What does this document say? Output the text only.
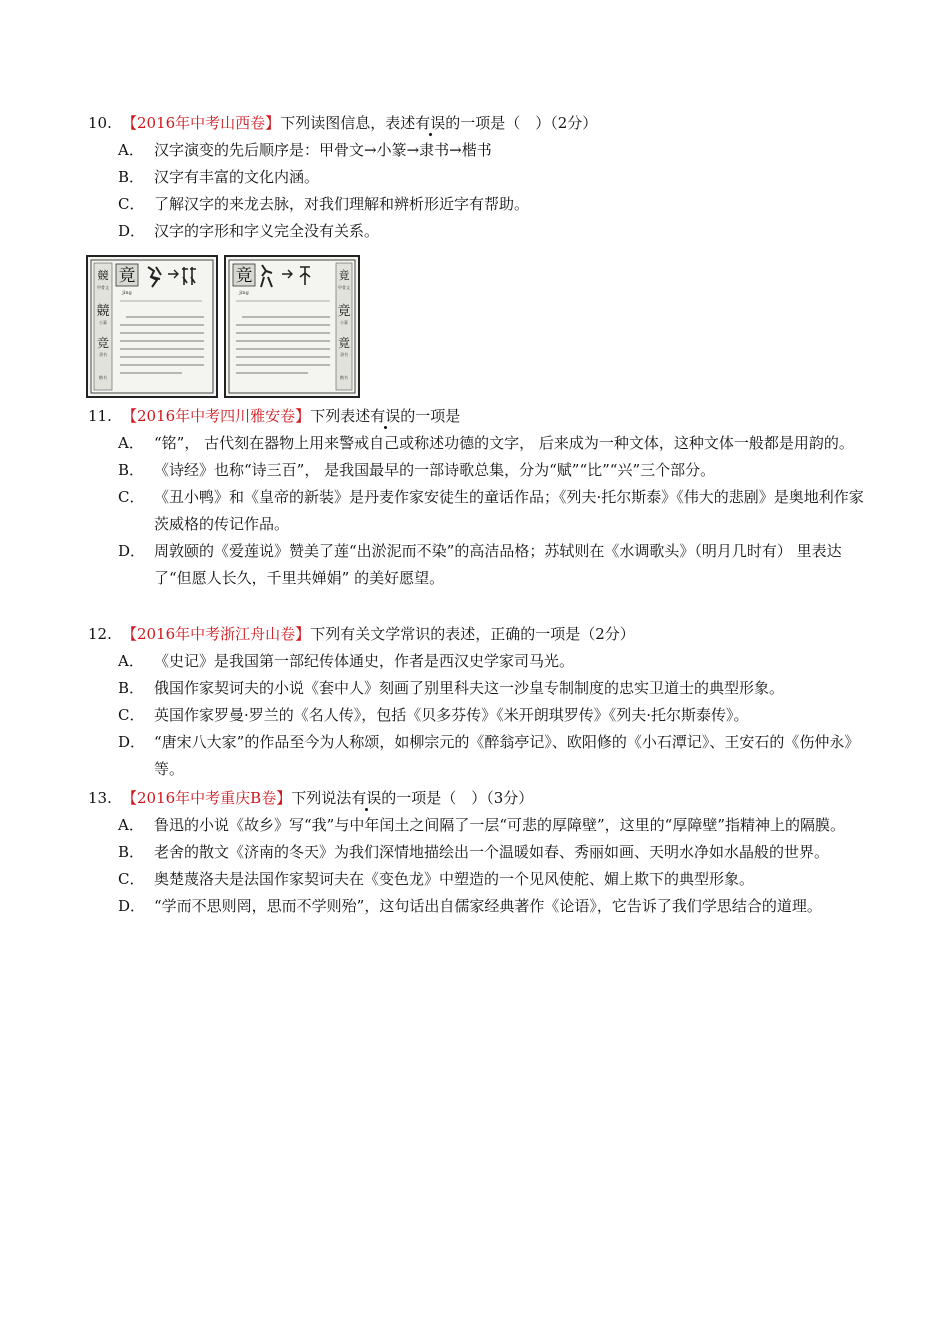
10. 【2016年中考山西卷】下列读图信息，表述有误的一项是（　）（2分）
A． 汉字演变的先后顺序是：甲骨文→小篆→隶书→楷书
B． 汉字有丰富的文化内涵。
C． 了解汉字的来龙去脉，对我们理解和辨析形近字有帮助。
D． 汉字的字形和字义完全没有关系。
競
甲骨文
競
小篆
竞
隶书
楷书
竟
jìng
竟
jìng
竟
甲骨文
竟
小篆
竟
隶书
楷书
11. 【2016年中考四川雅安卷】下列表述有误的一项是
A． “铭”， 古代刻在器物上用来警戒自己或称述功德的文字， 后来成为一种文体，这种文体一般都是用韵的。
B． 《诗经》也称“诗三百”， 是我国最早的一部诗歌总集，分为“赋”“比”“兴”三个部分。
C． 《丑小鸭》和《皇帝的新装》是丹麦作家安徒生的童话作品；《列夫·托尔斯泰》《伟大的悲剧》是奥地利作家茨威格的传记作品。
D． 周敦颐的《爱莲说》赞美了莲“出淤泥而不染”的高洁品格；苏轼则在《水调歌头》（明月几时有） 里表达了“但愿人长久，千里共婵娟” 的美好愿望。
12. 【2016年中考浙江舟山卷】下列有关文学常识的表述，正确的一项是（2分）
A． 《史记》是我国第一部纪传体通史，作者是西汉史学家司马光。
B． 俄国作家契诃夫的小说《套中人》刻画了别里科夫这一沙皇专制制度的忠实卫道士的典型形象。
C． 英国作家罗曼·罗兰的《名人传》，包括《贝多芬传》《米开朗琪罗传》《列夫·托尔斯泰传》。
D． “唐宋八大家”的作品至今为人称颂，如柳宗元的《醉翁亭记》、欧阳修的《小石潭记》、王安石的《伤仲永》等。
13. 【2016年中考重庆B卷】下列说法有误的一项是（　）（3分）
A． 鲁迅的小说《故乡》写“我”与中年闰土之间隔了一层“可悲的厚障壁”，这里的“厚障壁”指精神上的隔膜。
B． 老舍的散文《济南的冬天》为我们深情地描绘出一个温暖如春、秀丽如画、天明水净如水晶般的世界。
C． 奥楚蔑洛夫是法国作家契诃夫在《变色龙》中塑造的一个见风使舵、媚上欺下的典型形象。
D． “学而不思则罔，思而不学则殆”，这句话出自儒家经典著作《论语》，它告诉了我们学思结合的道理。
